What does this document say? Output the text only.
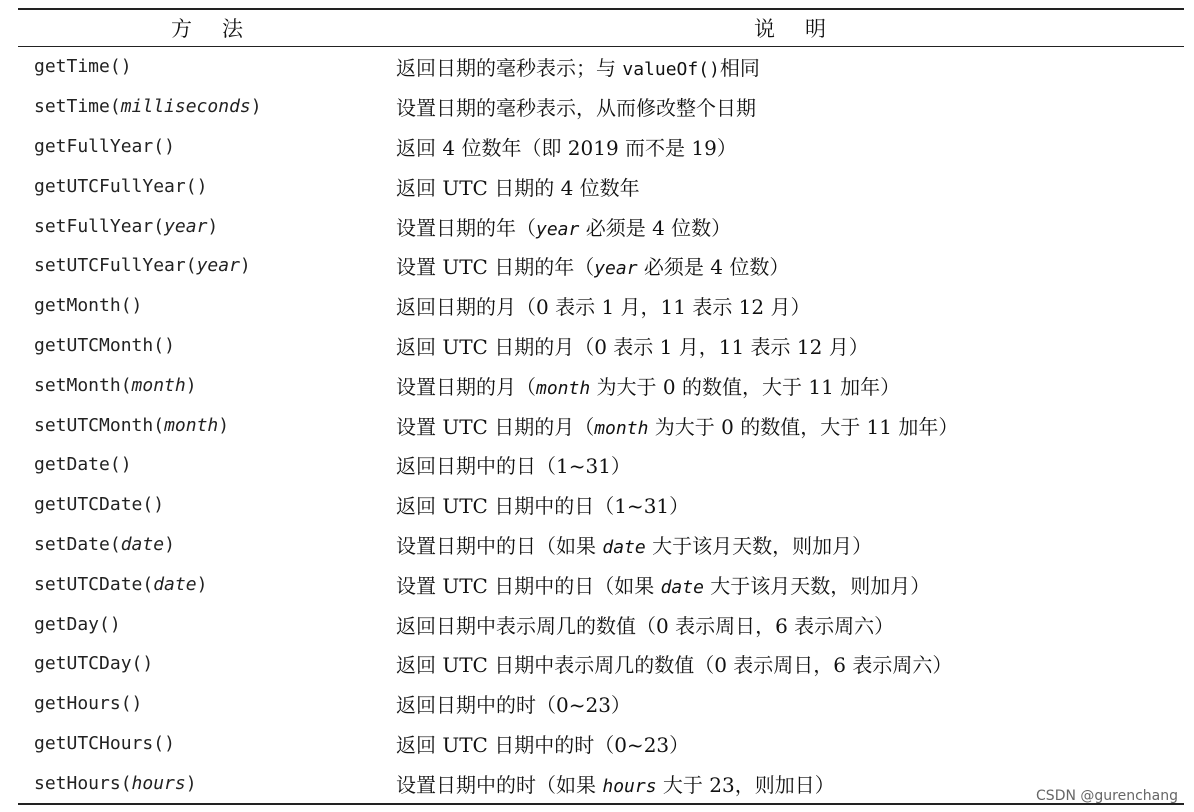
方法	说明
getTime()	返回日期的毫秒表示；与 valueOf()相同
setTime(milliseconds)	设置日期的毫秒表示，从而修改整个日期
getFullYear()	返回 4 位数年（即 2019 而不是 19）
getUTCFullYear()	返回 UTC 日期的 4 位数年
setFullYear(year)	设置日期的年（year 必须是 4 位数）
setUTCFullYear(year)	设置 UTC 日期的年（year 必须是 4 位数）
getMonth()	返回日期的月（0 表示 1 月，11 表示 12 月）
getUTCMonth()	返回 UTC 日期的月（0 表示 1 月，11 表示 12 月）
setMonth(month)	设置日期的月（month 为大于 0 的数值，大于 11 加年）
setUTCMonth(month)	设置 UTC 日期的月（month 为大于 0 的数值，大于 11 加年）
getDate()	返回日期中的日（1~31）
getUTCDate()	返回 UTC 日期中的日（1~31）
setDate(date)	设置日期中的日（如果 date 大于该月天数，则加月）
setUTCDate(date)	设置 UTC 日期中的日（如果 date 大于该月天数，则加月）
getDay()	返回日期中表示周几的数值（0 表示周日，6 表示周六）
getUTCDay()	返回 UTC 日期中表示周几的数值（0 表示周日，6 表示周六）
getHours()	返回日期中的时（0~23）
getUTCHours()	返回 UTC 日期中的时（0~23）
setHours(hours)	设置日期中的时（如果 hours 大于 23，则加日）	CSDN @gurenchang
